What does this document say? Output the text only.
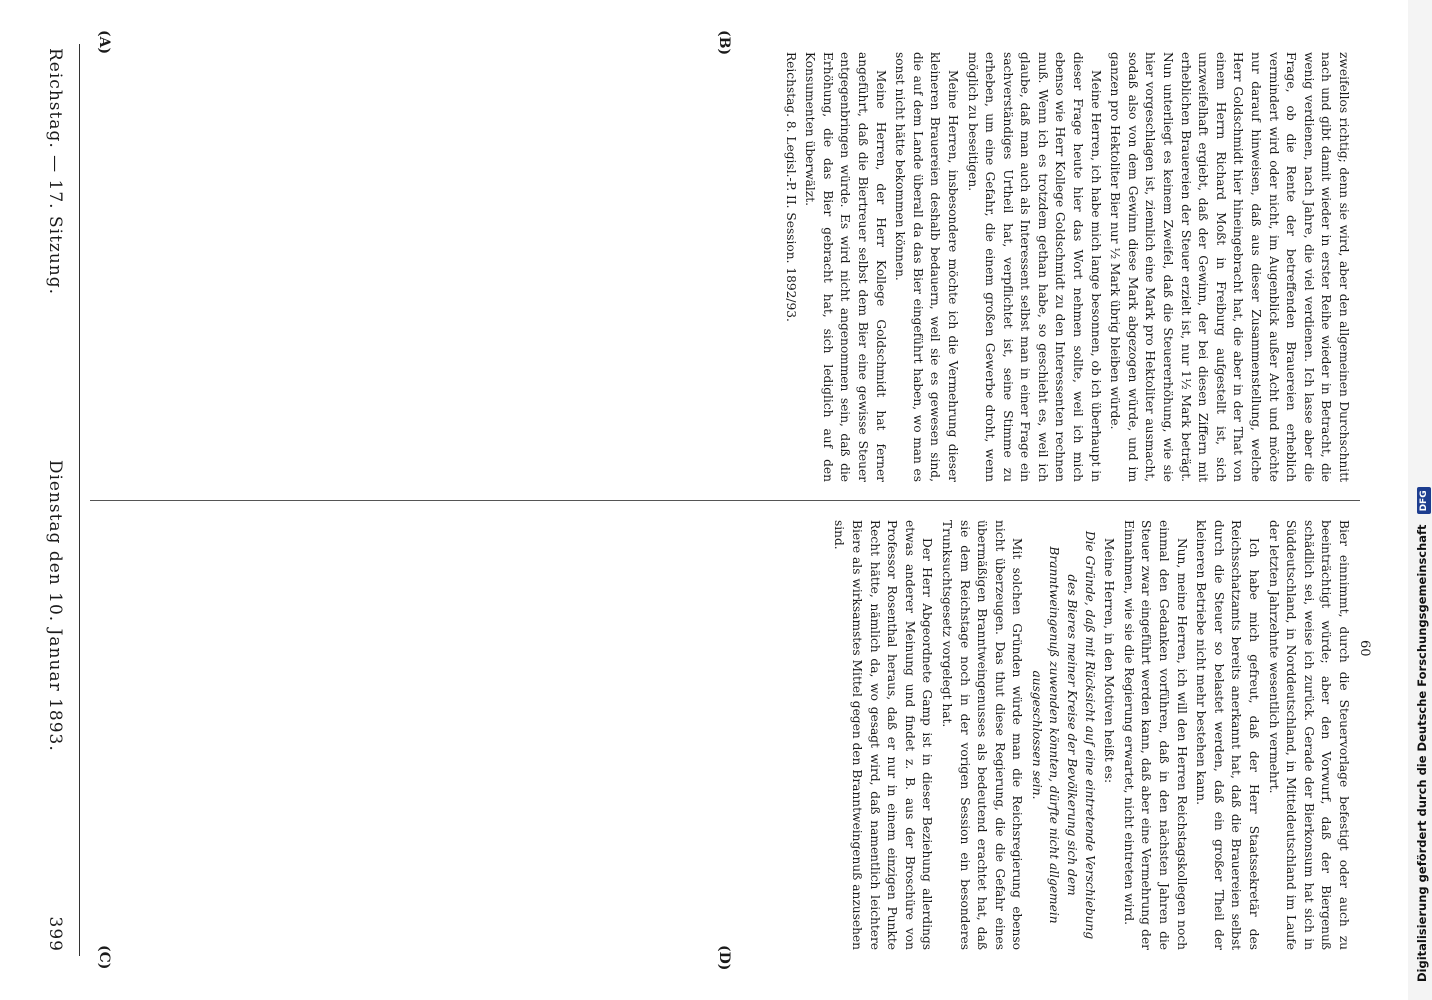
Reichstag. — 17. Sitzung.
Dienstag den 10. Januar 1893.
399
(A)	(B)
(C)	(D)

zweifellos richtig; denn sie wird, aber den allgemeinen Durchschnitt nach und gibt damit wieder in erster Reihe wieder in Betracht, die wenig verdienen, nach Jahre, die viel verdienen. Ich lasse aber die Frage, ob die Rente der betreffenden Brauereien erheblich vermindert wird oder nicht, im Augenblick außer Acht und möchte nur darauf hinweisen, daß aus dieser Zusammenstellung, welche Herr Goldschmidt hier hineingebracht hat, die aber in der That von einem Herrn Richard Moßt in Freiburg aufgestellt ist, sich unzweifelhaft ergiebt, daß der Gewinn, der bei diesen Ziffern mit erheblichen Brauereien der Steuer erzielt ist, nur 1½ Mark beträgt. Nun unterliegt es keinem Zweifel, daß die Steuererhöhung, wie sie hier vorgeschlagen ist, ziemlich eine Mark pro Hektoliter ausmacht, sodaß also von dem Gewinn diese Mark abgezogen würde, und im ganzen pro Hektoliter Bier nur ½ Mark übrig bleiben würde.

Meine Herren, ich habe mich lange besonnen, ob ich überhaupt in dieser Frage heute hier das Wort nehmen sollte, weil ich mich ebenso wie Herr Kollege Goldschmidt zu den Interessenten rechnen muß. Wenn ich es trotzdem gethan habe, so geschieht es, weil ich glaube, daß man auch als Interessent selbst man in einer Frage ein sachverständiges Urtheil hat, verpflichtet ist, seine Stimme zu erheben, um eine Gefahr, die einem großen Gewerbe droht, wenn möglich zu beseitigen.

Meine Herren, insbesondere möchte ich die Vermehrung dieser kleineren Brauereien deshalb bedauern, weil sie es gewesen sind, die auf dem Lande überall da das Bier eingeführt haben, wo man es sonst nicht hätte bekommen können.

Meine Herren, der Herr Kollege Goldschmidt hat ferner angeführt, daß die Biertreuer selbst dem Bier eine gewisse Steuer entgegenbringen würde. Es wird nicht angenommen sein, daß die Erhöhung, die das Bier gebracht hat, sich lediglich auf den Konsumenten überwälzt.

Reichstag. 8. Legisl.-P. II. Session. 1892/93.

Bier einnimmt, durch die Steuervorlage befestigt oder auch zu beeinträchtigt würde; aber den Vorwurf, daß der Biergenuß schädlich sei, weise ich zurück. Gerade der Bierkonsum hat sich in Süddeutschland, in Norddeutschland, in Mitteldeutschland im Laufe der letzten Jahrzehnte wesentlich vermehrt.

Ich habe mich gefreut, daß der Herr Staatssekretär des Reichsschatzamts bereits anerkannt hat, daß die Brauereien selbst durch die Steuer so belastet werden, daß ein großer Theil der kleineren Betriebe nicht mehr bestehen kann.

Nun, meine Herren, ich will den Herren Reichstagskollegen noch einmal den Gedanken vorführen, daß in den nächsten Jahren die Steuer zwar eingeführt werden kann, daß aber eine Vermehrung der Einnahmen, wie sie die Regierung erwartet, nicht eintreten wird.

Meine Herren, in den Motiven heißt es:

Die Gründe, daß mit Rücksicht auf eine eintretende Verschiebung des Bieres meiner Kreise der Bevölkerung sich dem Branntweingenuß zuwenden könnten, dürfte nicht allgemein ausgeschlossen sein.

Mit solchen Gründen würde man die Reichsregierung ebenso nicht überzeugen. Das thut diese Regierung, die die Gefahr eines übermäßigen Branntweingenusses als bedeutend erachtet hat, daß sie dem Reichstage noch in der vorigen Session ein besonderes Trunksuchtsgesetz vorgelegt hat.

Der Herr Abgeordnete Gamp ist in dieser Beziehung allerdings etwas anderer Meinung und findet z. B. aus der Broschüre von Professor Rosenthal heraus, daß er nur in einem einzigen Punkte Recht hätte, nämlich da, wo gesagt wird, daß namentlich leichtere Biere als wirksamstes Mittel gegen den Branntweingenuß anzusehen sind.

60	Digitalisierung gefördert durch die Deutsche Forschungsgemeinschaft DFG
